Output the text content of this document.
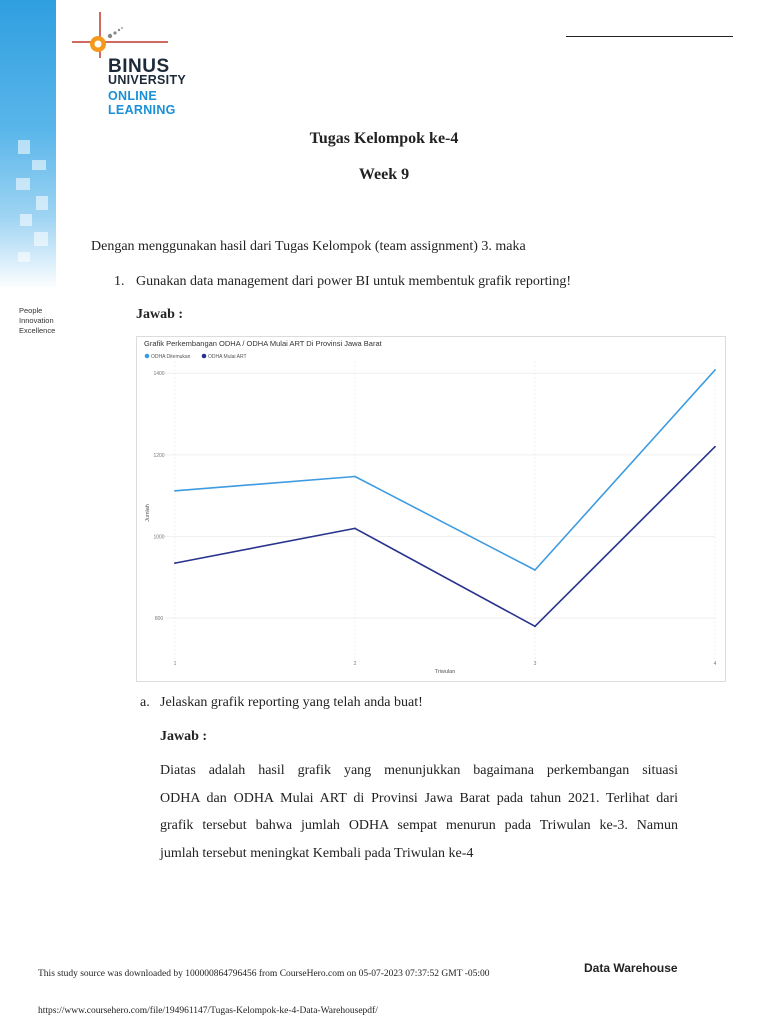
BINUS
UNIVERSITY
ONLINE
LEARNING
People
Innovation
Excellence
Tugas Kelompok ke-4
Week 9
Dengan menggunakan hasil dari Tugas Kelompok (team assignment) 3. maka
1. Gunakan data management dari power BI untuk membentuk grafik reporting!
Jawab :
Grafik Perkembangan ODHA / ODHA Mulai ART Di Provinsi Jawa Barat
ODHA Ditemukan	ODHA Mulai ART
Jumlah
Triwulan
800
1000
1200
1400
1	2	3	4
a. Jelaskan grafik reporting yang telah anda buat!
Jawab :
Diatas adalah hasil grafik yang menunjukkan bagaimana perkembangan situasi
ODHA dan ODHA Mulai ART di Provinsi Jawa Barat pada tahun 2021. Terlihat dari
grafik tersebut bahwa jumlah ODHA sempat menurun pada Triwulan ke-3. Namun
jumlah tersebut meningkat Kembali pada Triwulan ke-4
This study source was downloaded by 100000864796456 from CourseHero.com on 05-07-2023 07:37:52 GMT -05:00	Data Warehouse
https://www.coursehero.com/file/194961147/Tugas-Kelompok-ke-4-Data-Warehousepdf/
